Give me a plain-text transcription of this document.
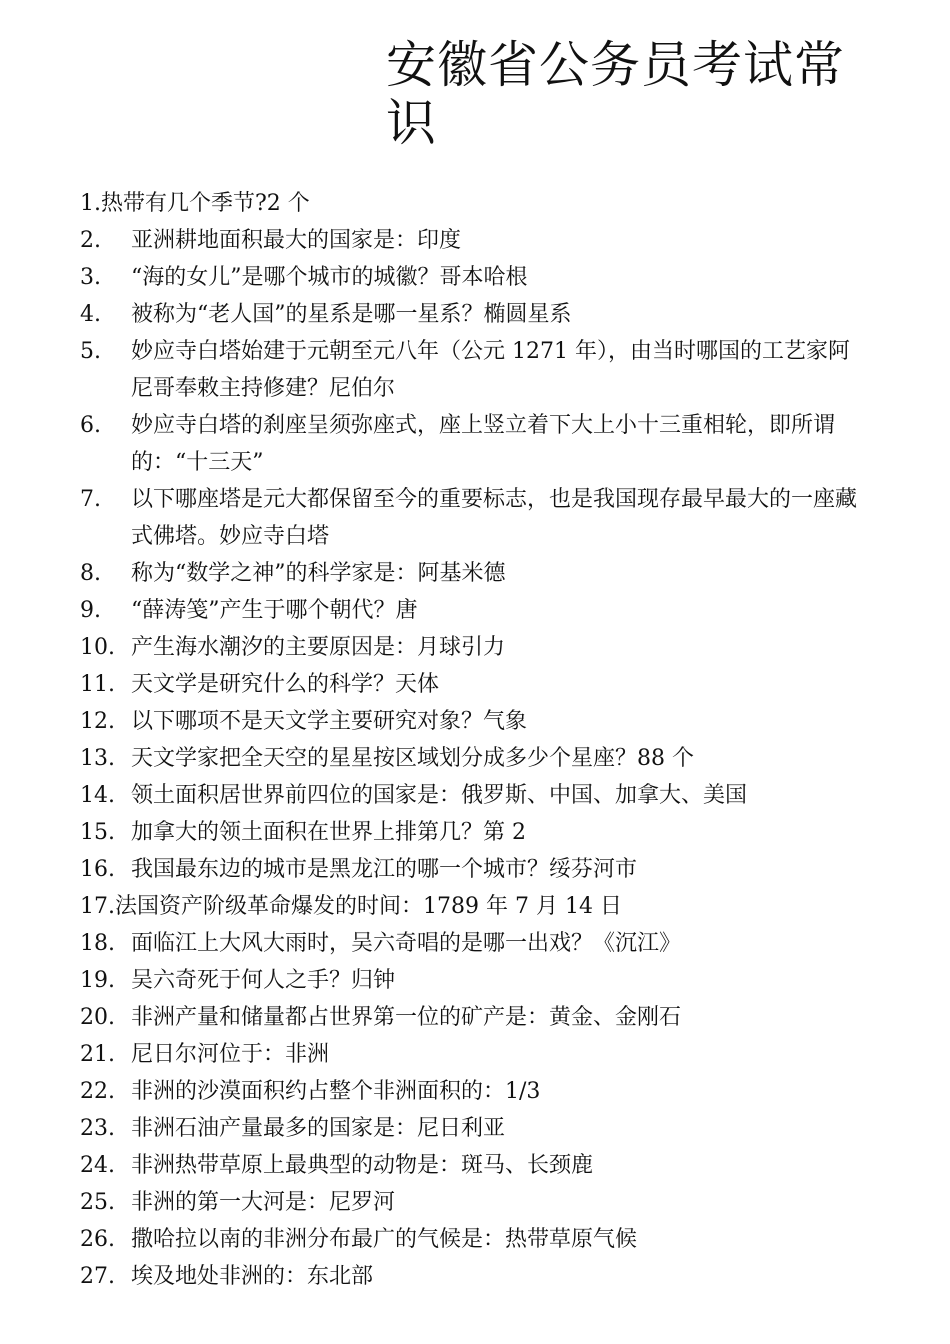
安徽省公务员考试常识
1.热带有几个季节?2 个
2.	亚洲耕地面积最大的国家是：印度
3.	“海的女儿”是哪个城市的城徽？哥本哈根
4.	被称为“老人国”的星系是哪一星系？椭圆星系
5.	妙应寺白塔始建于元朝至元八年（公元 1271 年），由当时哪国的工艺家阿尼哥奉敕主持修建？尼伯尔
6.	妙应寺白塔的刹座呈须弥座式，座上竖立着下大上小十三重相轮，即所谓的：“十三天”
7.	以下哪座塔是元大都保留至今的重要标志，也是我国现存最早最大的一座藏式佛塔。妙应寺白塔
8.	称为“数学之神”的科学家是：阿基米德
9.	“薛涛笺”产生于哪个朝代？唐
10. 产生海水潮汐的主要原因是：月球引力
11. 天文学是研究什么的科学？天体
12. 以下哪项不是天文学主要研究对象？气象
13. 天文学家把全天空的星星按区域划分成多少个星座？88 个
14. 领土面积居世界前四位的国家是：俄罗斯、中国、加拿大、美国
15. 加拿大的领土面积在世界上排第几？第 2
16. 我国最东边的城市是黑龙江的哪一个城市？绥芬河市
17.法国资产阶级革命爆发的时间：1789 年 7 月 14 日
18. 面临江上大风大雨时，吴六奇唱的是哪一出戏？《沉江》
19. 吴六奇死于何人之手？归钟
20. 非洲产量和储量都占世界第一位的矿产是：黄金、金刚石
21. 尼日尔河位于：非洲
22. 非洲的沙漠面积约占整个非洲面积的：1/3
23. 非洲石油产量最多的国家是：尼日利亚
24. 非洲热带草原上最典型的动物是：斑马、长颈鹿
25. 非洲的第一大河是：尼罗河
26. 撒哈拉以南的非洲分布最广的气候是：热带草原气候
27. 埃及地处非洲的：东北部
